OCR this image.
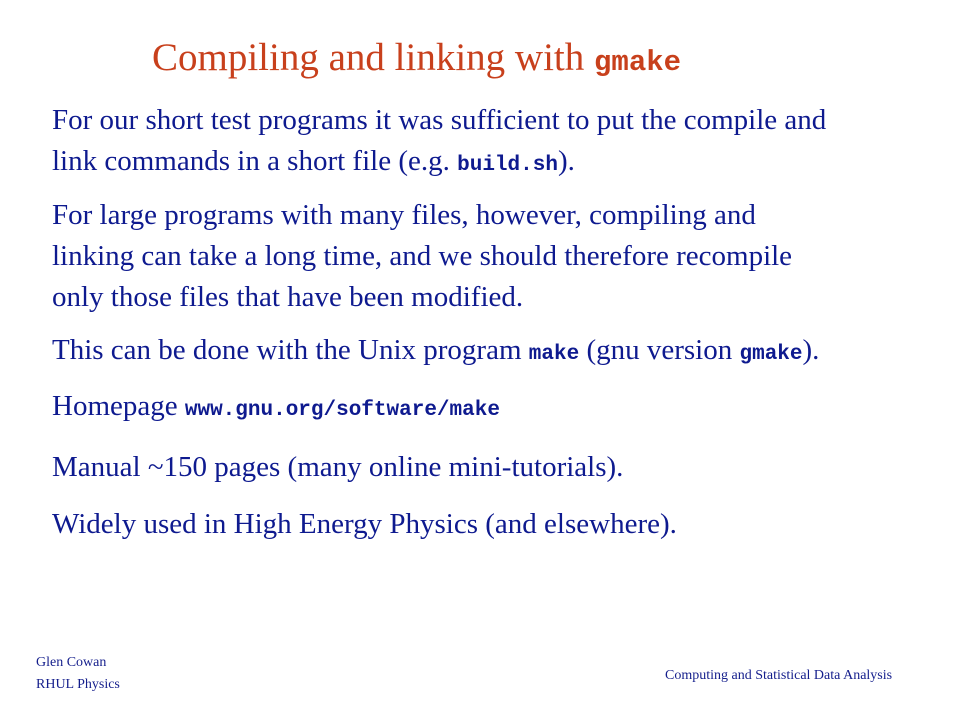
Compiling and linking with gmake
For our short test programs it was sufficient to put the compile and
link commands in a short file (e.g. build.sh).
For large programs with many files, however, compiling and
linking can take a long time, and we should therefore recompile
only those files that have been modified.
This can be done with the Unix program make (gnu version gmake).
Homepage www.gnu.org/software/make
Manual ~150 pages (many online mini-tutorials).
Widely used in High Energy Physics (and elsewhere).
Glen Cowan
RHUL Physics
Computing and Statistical Data Analysis
